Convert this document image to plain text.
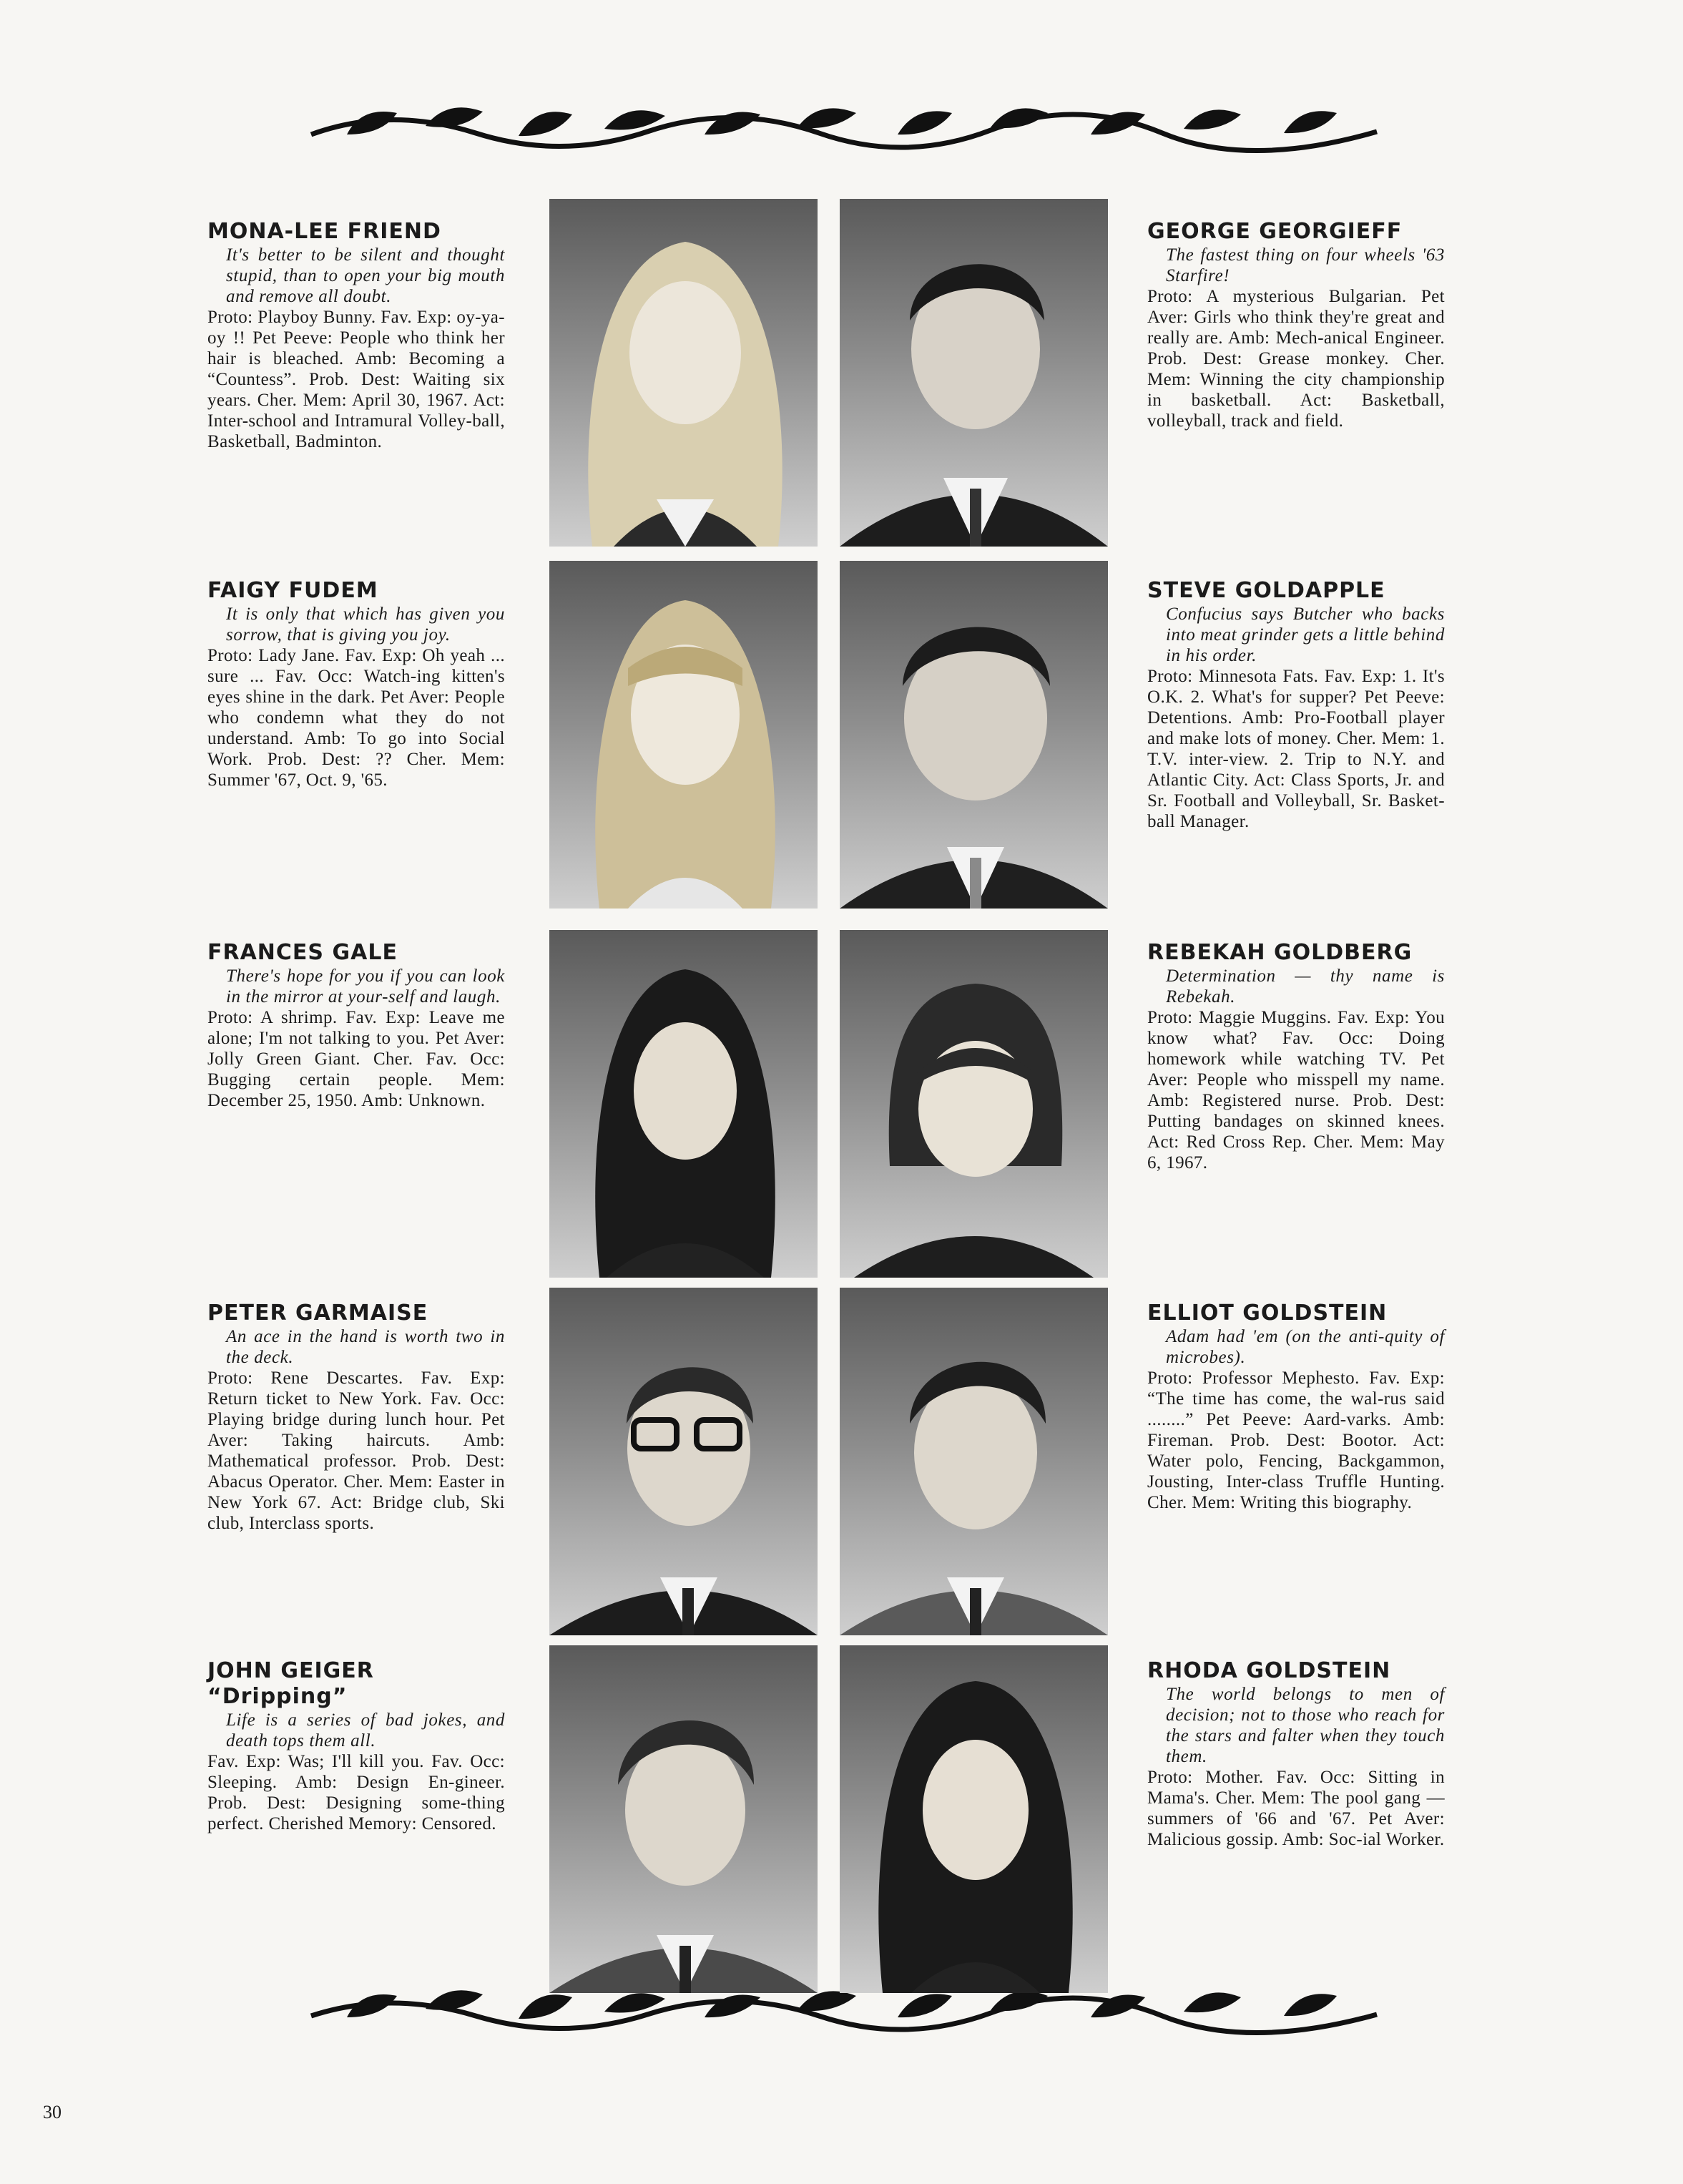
MONA-LEE FRIEND

It's better to be silent and thought stupid, than to open your big mouth and remove all doubt.

Proto: Playboy Bunny. Fav. Exp: oy-ya-oy !! Pet Peeve: People who think her hair is bleached. Amb: Becoming a “Countess”. Prob. Dest: Waiting six years. Cher. Mem: April 30, 1967. Act: Inter-school and Intramural Volley-ball, Basketball, Badminton.

GEORGE GEORGIEFF

The fastest thing on four wheels '63 Starfire!

Proto: A mysterious Bulgarian. Pet Aver: Girls who think they're great and really are. Amb: Mech-anical Engineer. Prob. Dest: Grease monkey. Cher. Mem: Winning the city championship in basketball. Act: Basketball, volleyball, track and field.

FAIGY FUDEM

It is only that which has given you sorrow, that is giving you joy.

Proto: Lady Jane. Fav. Exp: Oh yeah ... sure ... Fav. Occ: Watch-ing kitten's eyes shine in the dark. Pet Aver: People who condemn what they do not understand. Amb: To go into Social Work. Prob. Dest: ?? Cher. Mem: Summer '67, Oct. 9, '65.

STEVE GOLDAPPLE

Confucius says Butcher who backs into meat grinder gets a little behind in his order.

Proto: Minnesota Fats. Fav. Exp: 1. It's O.K. 2. What's for supper? Pet Peeve: Detentions. Amb: Pro-Football player and make lots of money. Cher. Mem: 1. T.V. inter-view. 2. Trip to N.Y. and Atlantic City. Act: Class Sports, Jr. and Sr. Football and Volleyball, Sr. Basket-ball Manager.

FRANCES GALE

There's hope for you if you can look in the mirror at your-self and laugh.

Proto: A shrimp. Fav. Exp: Leave me alone; I'm not talking to you. Pet Aver: Jolly Green Giant. Cher. Fav. Occ: Bugging certain people. Mem: December 25, 1950. Amb: Unknown.

REBEKAH GOLDBERG

Determination — thy name is Rebekah.

Proto: Maggie Muggins. Fav. Exp: You know what? Fav. Occ: Doing homework while watching TV. Pet Aver: People who misspell my name. Amb: Registered nurse. Prob. Dest: Putting bandages on skinned knees. Act: Red Cross Rep. Cher. Mem: May 6, 1967.

PETER GARMAISE

An ace in the hand is worth two in the deck.

Proto: Rene Descartes. Fav. Exp: Return ticket to New York. Fav. Occ: Playing bridge during lunch hour. Pet Aver: Taking haircuts. Amb: Mathematical professor. Prob. Dest: Abacus Operator. Cher. Mem: Easter in New York 67. Act: Bridge club, Ski club, Interclass sports.

ELLIOT GOLDSTEIN

Adam had 'em (on the anti-quity of microbes).

Proto: Professor Mephesto. Fav. Exp: “The time has come, the wal-rus said ........” Pet Peeve: Aard-varks. Amb: Fireman. Prob. Dest: Bootor. Act: Water polo, Fencing, Backgammon, Jousting, Inter-class Truffle Hunting. Cher. Mem: Writing this biography.

JOHN GEIGER “Dripping”

Life is a series of bad jokes, and death tops them all.

Fav. Exp: Was; I'll kill you. Fav. Occ: Sleeping. Amb: Design En-gineer. Prob. Dest: Designing some-thing perfect. Cherished Memory: Censored.

RHODA GOLDSTEIN

The world belongs to men of decision; not to those who reach for the stars and falter when they touch them.

Proto: Mother. Fav. Occ: Sitting in Mama's. Cher. Mem: The pool gang — summers of '66 and '67. Pet Aver: Malicious gossip. Amb: Soc-ial Worker.

30
